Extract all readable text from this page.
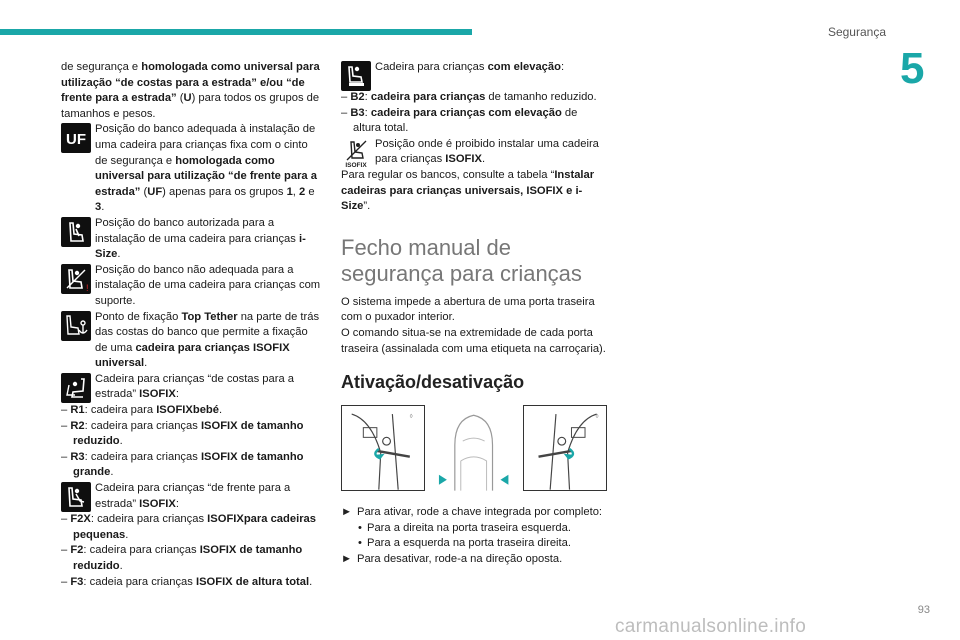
Segurança
5

de segurança e homologada como universal para utilização “de costas para a estrada” e/ou “de frente para a estrada” (U) para todos os grupos de tamanhos e pesos.

UF
Posição do banco adequada à instalação de uma cadeira para crianças fixa com o cinto de segurança e homologada como universal para utilização “de frente para a estrada” (UF) apenas para os grupos 1, 2 e 3.
Posição do banco autorizada para a instalação de uma cadeira para crianças i-Size.
!
Posição do banco não adequada para a instalação de uma cadeira para crianças com suporte.
Ponto de fixação Top Tether na parte de trás das costas do banco que permite a fixação de uma cadeira para crianças ISOFIX universal.
Cadeira para crianças “de costas para a estrada” ISOFIX:

– R1: cadeira para ISOFIXbebé.

– R2: cadeira para crianças ISOFIX de tamanho reduzido.

– R3: cadeira para crianças ISOFIX de tamanho grande.

Cadeira para crianças “de frente para a estrada” ISOFIX:

– F2X: cadeira para crianças ISOFIXpara cadeiras pequenas.

– F2: cadeira para crianças ISOFIX de tamanho reduzido.

– F3: cadeia para crianças ISOFIX de altura total.

Cadeira para crianças com elevação:

– B2: cadeira para crianças de tamanho reduzido.

– B3: cadeira para crianças com elevação de altura total.

ISOFIX
Posição onde é proibido instalar uma cadeira para crianças ISOFIX.

Para regular os bancos, consulte a tabela “Instalar cadeiras para crianças universais, ISOFIX e i-Size”.

Fecho manual de segurança para crianças

O sistema impede a abertura de uma porta traseira com o puxador interior.

O comando situa-se na extremidade de cada porta traseira (assinalada com uma etiqueta na carroçaria).

Ativação/desativação
◊	◊

► Para ativar, rode a chave integrada por completo:

• Para a direita na porta traseira esquerda.

• Para a esquerda na porta traseira direita.

► Para desativar, rode-a na direção oposta.

93
carmanualsonline.info
